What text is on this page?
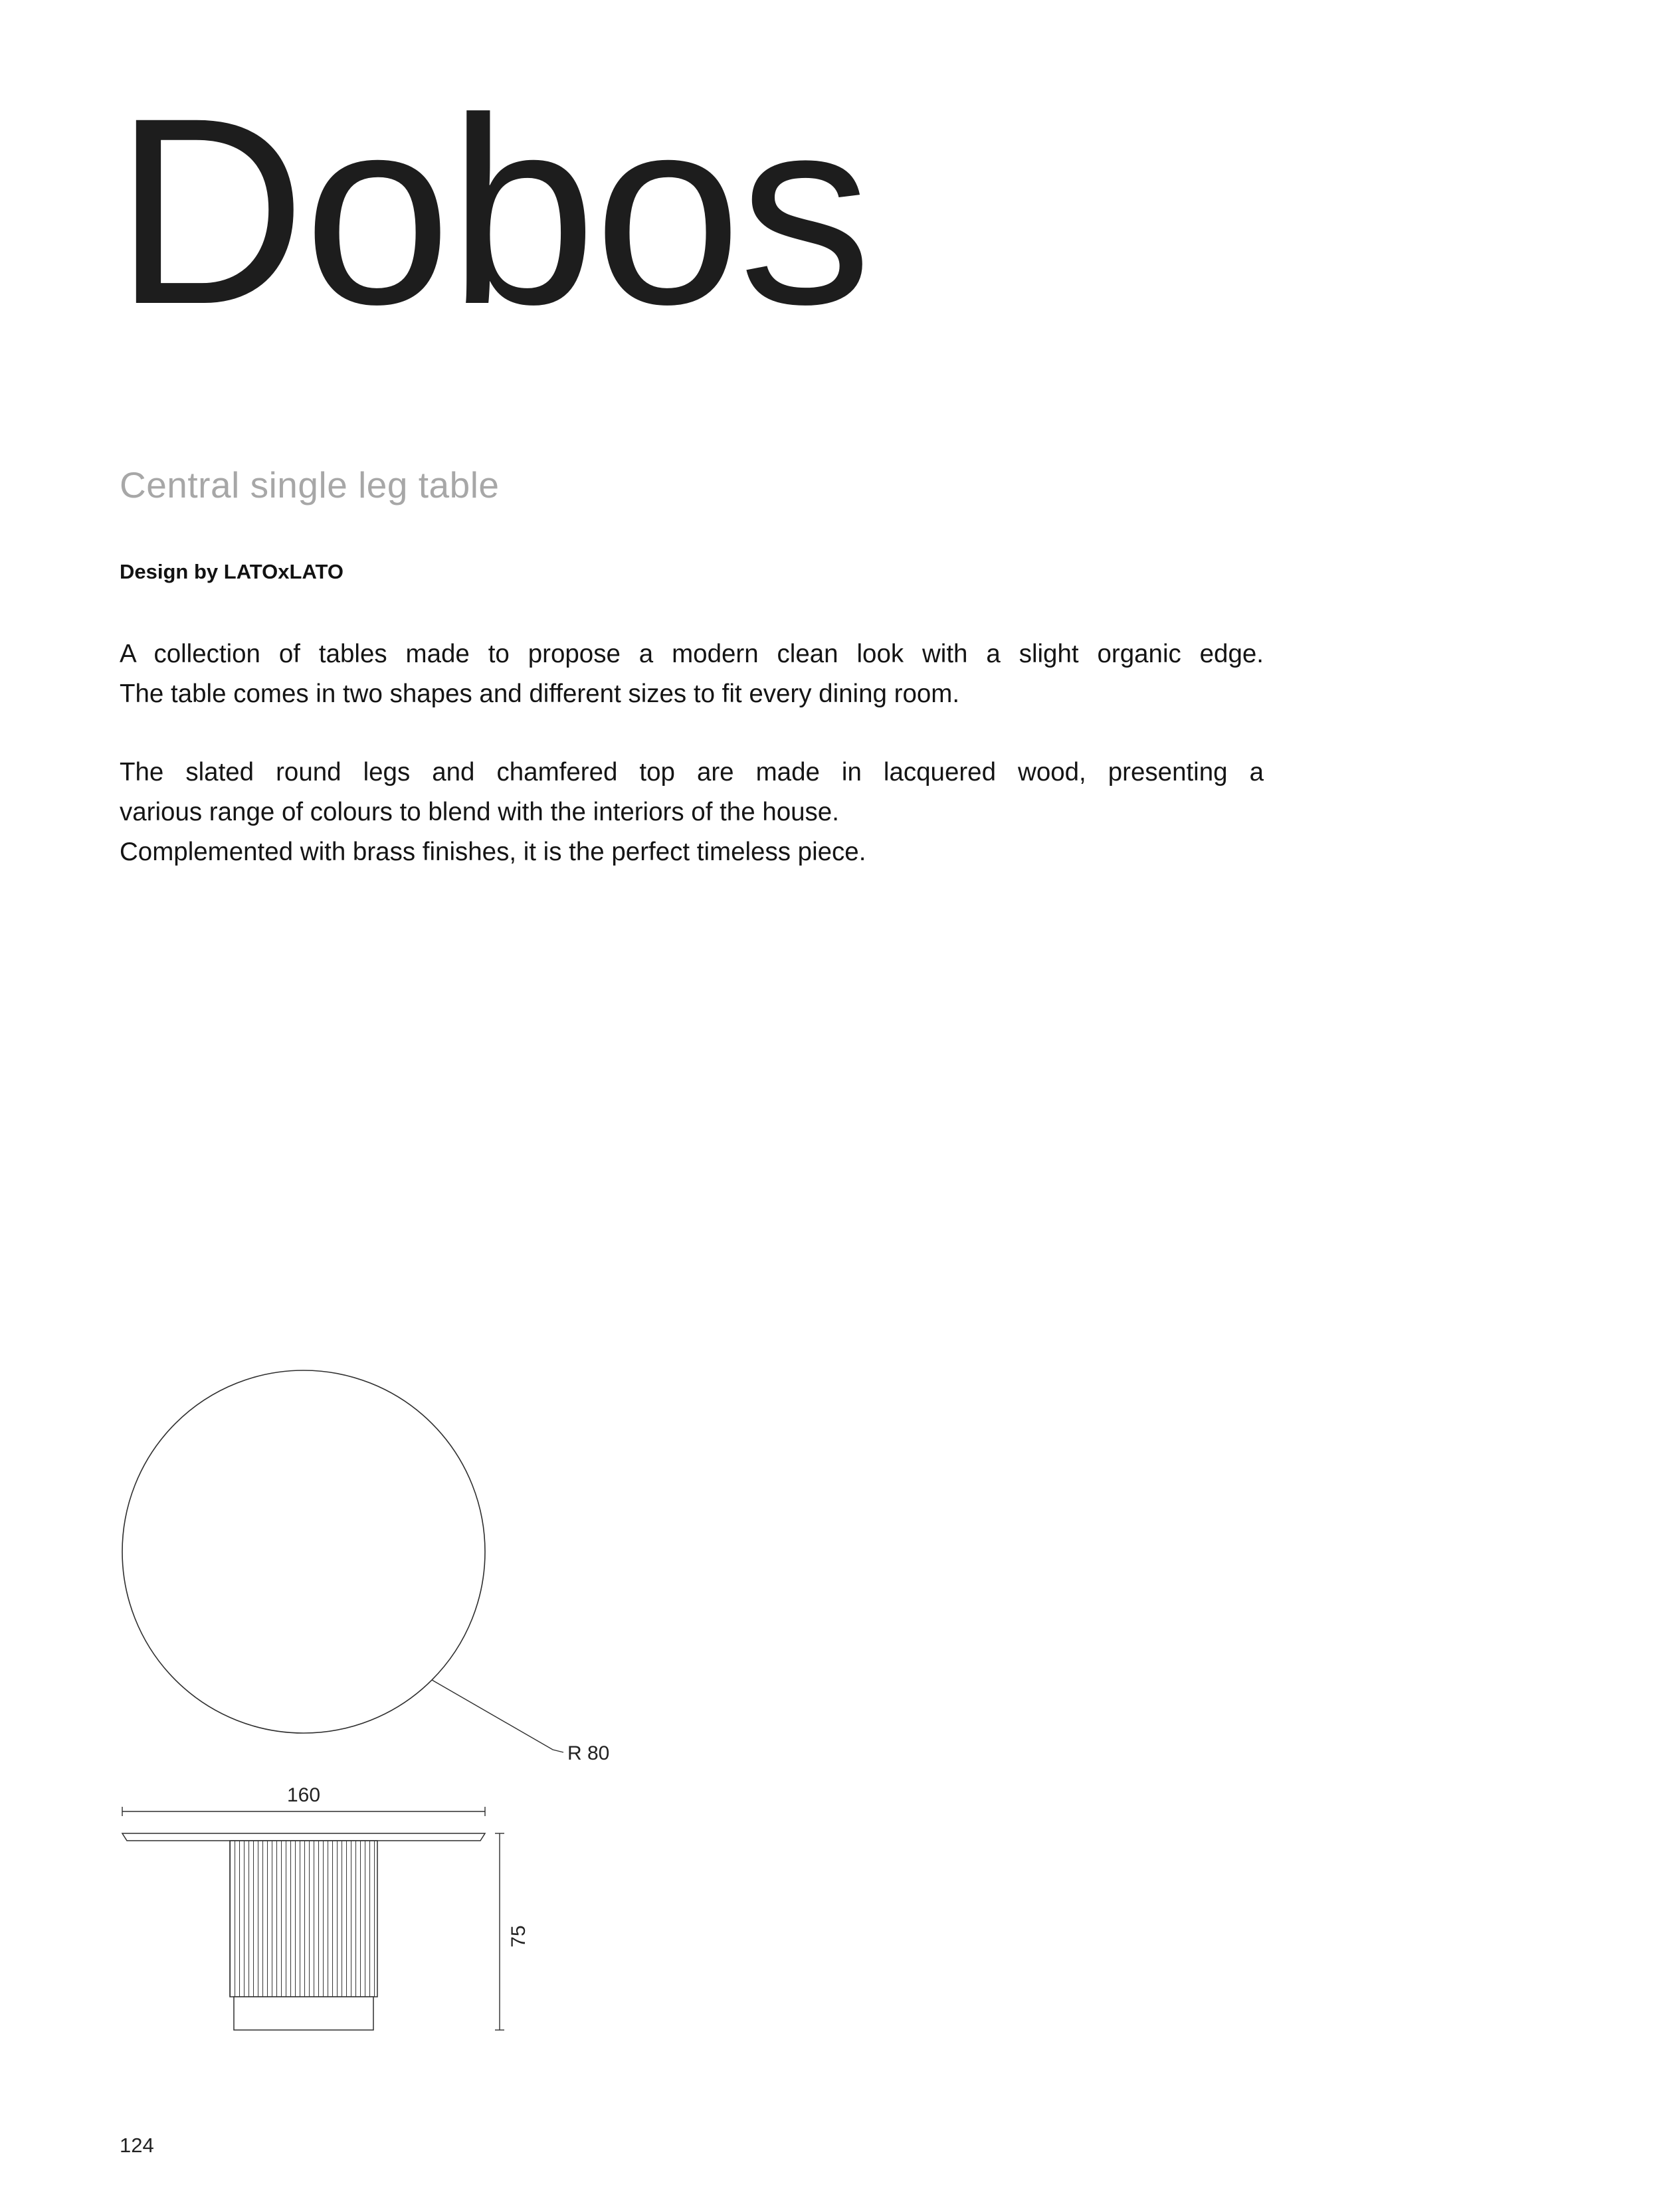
Dobos
Central single leg table
Design by LATOxLATO

A collection of tables made to propose a modern clean look with a slight organic edge.
The table comes in two shapes and different sizes to fit every dining room.

The slated round legs and chamfered top are made in lacquered wood, presenting a
various range of colours to blend with the interiors of the house.
Complemented with brass finishes, it is the perfect timeless piece.

R 80
160
75
124
